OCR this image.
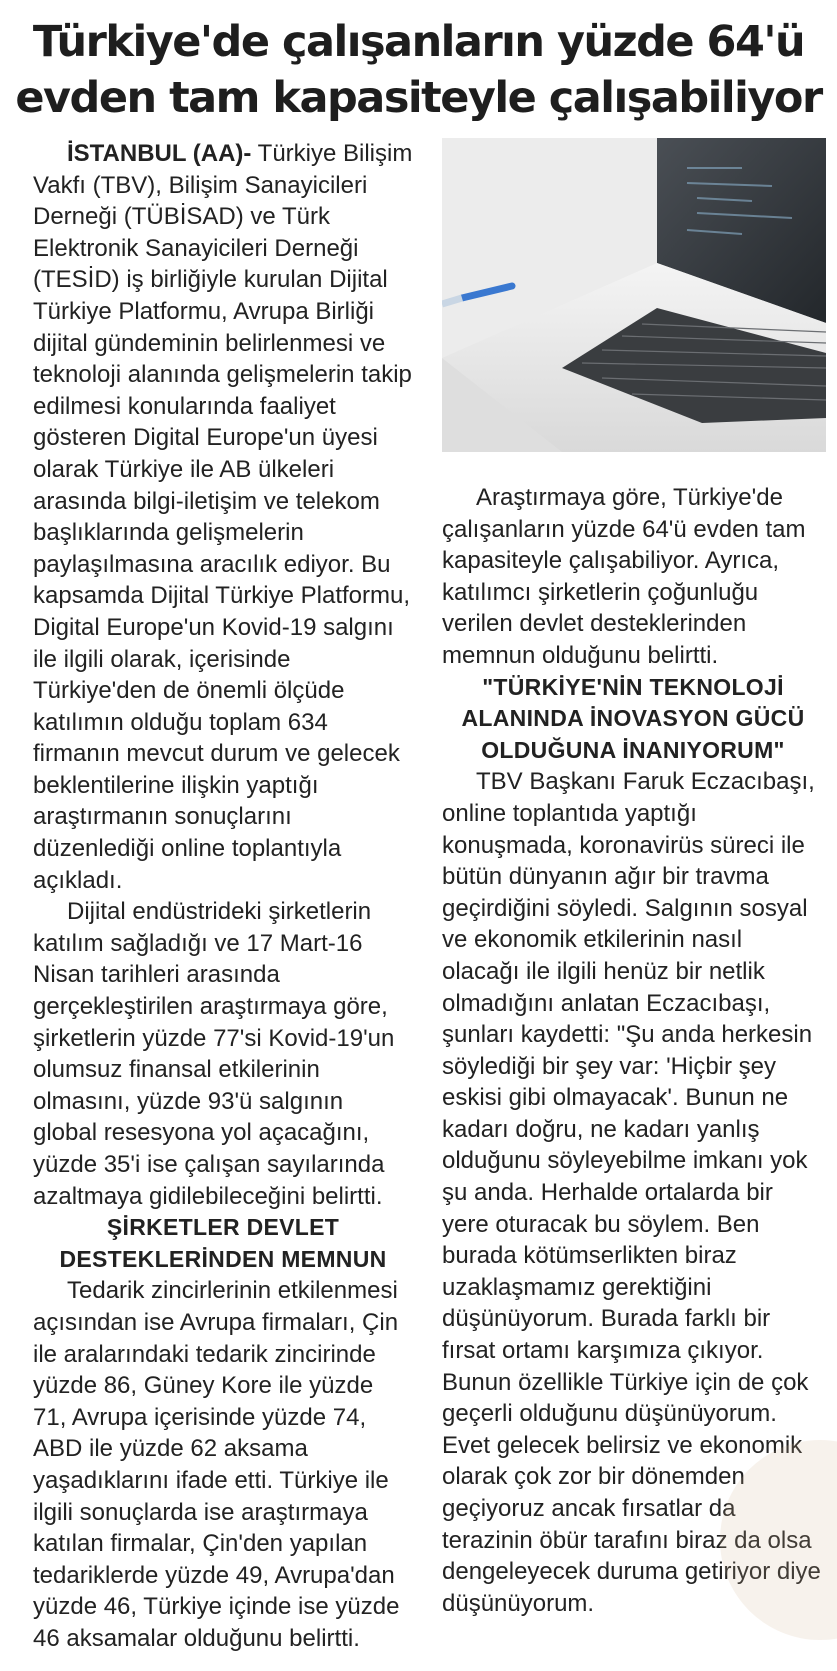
Türkiye'de çalışanların yüzde 64'ü
evden tam kapasiteyle çalışabiliyor

İSTANBUL (AA)- Türkiye Bilişim Vakfı (TBV), Bilişim Sanayicileri Derneği (TÜBİSAD) ve Türk Elektronik Sanayicileri Derneği (TESİD) iş birliğiyle kurulan Dijital Türkiye Platformu, Avrupa Birliği dijital gündeminin belirlenmesi ve teknoloji alanında gelişmelerin takip edilmesi konularında faaliyet gösteren Digital Europe'un üyesi olarak Türkiye ile AB ülkeleri arasında bilgi-iletişim ve telekom başlıklarında gelişmelerin paylaşılmasına aracılık ediyor. Bu kapsamda Dijital Türkiye Platformu, Digital Europe'un Kovid-19 salgını ile ilgili olarak, içerisinde Türkiye'den de önemli ölçüde katılımın olduğu toplam 634 firmanın mevcut durum ve gelecek beklentilerine ilişkin yaptığı araştırmanın sonuçlarını düzenlediği online toplantıyla açıkladı.

Dijital endüstrideki şirketlerin katılım sağladığı ve 17 Mart-16 Nisan tarihleri arasında gerçekleştirilen araştırmaya göre, şirketlerin yüzde 77'si Kovid-19'un olumsuz finansal etkilerinin olmasını, yüzde 93'ü salgının global resesyona yol açacağını, yüzde 35'i ise çalışan sayılarında azaltmaya gidilebileceğini belirtti.

ŞİRKETLER DEVLET
DESTEKLERİNDEN MEMNUN

Tedarik zincirlerinin etkilenmesi açısından ise Avrupa firmaları, Çin ile aralarındaki tedarik zincirinde yüzde 86, Güney Kore ile yüzde 71, Avrupa içerisinde yüzde 74, ABD ile yüzde 62 aksama yaşadıklarını ifade etti. Türkiye ile ilgili sonuçlarda ise araştırmaya katılan firmalar, Çin'den yapılan tedariklerde yüzde 49, Avrupa'dan yüzde 46, Türkiye içinde ise yüzde 46 aksamalar olduğunu belirtti.

Araştırmaya göre, Türkiye'de çalışanların yüzde 64'ü evden tam kapasiteyle çalışabiliyor. Ayrıca, katılımcı şirketlerin çoğunluğu verilen devlet desteklerinden memnun olduğunu belirtti.

"TÜRKİYE'NİN TEKNOLOJİ
ALANINDA İNOVASYON GÜCÜ
OLDUĞUNA İNANIYORUM"

TBV Başkanı Faruk Eczacıbaşı, online toplantıda yaptığı konuşmada, koronavirüs süreci ile bütün dünyanın ağır bir travma geçirdiğini söyledi. Salgının sosyal ve ekonomik etkilerinin nasıl olacağı ile ilgili henüz bir netlik olmadığını anlatan Eczacıbaşı, şunları kaydetti: "Şu anda herkesin söylediği bir şey var: 'Hiçbir şey eskisi gibi olmayacak'. Bunun ne kadarı doğru, ne kadarı yanlış olduğunu söyleyebilme imkanı yok şu anda. Herhalde ortalarda bir yere oturacak bu söylem. Ben burada kötümserlikten biraz uzaklaşmamız gerektiğini düşünüyorum. Burada farklı bir fırsat ortamı karşımıza çıkıyor. Bunun özellikle Türkiye için de çok geçerli olduğunu düşünüyorum. Evet gelecek belirsiz ve ekonomik olarak çok zor bir dönemden geçiyoruz ancak fırsatlar da terazinin öbür tarafını biraz da olsa dengeleyecek duruma getiriyor diye düşünüyorum.
